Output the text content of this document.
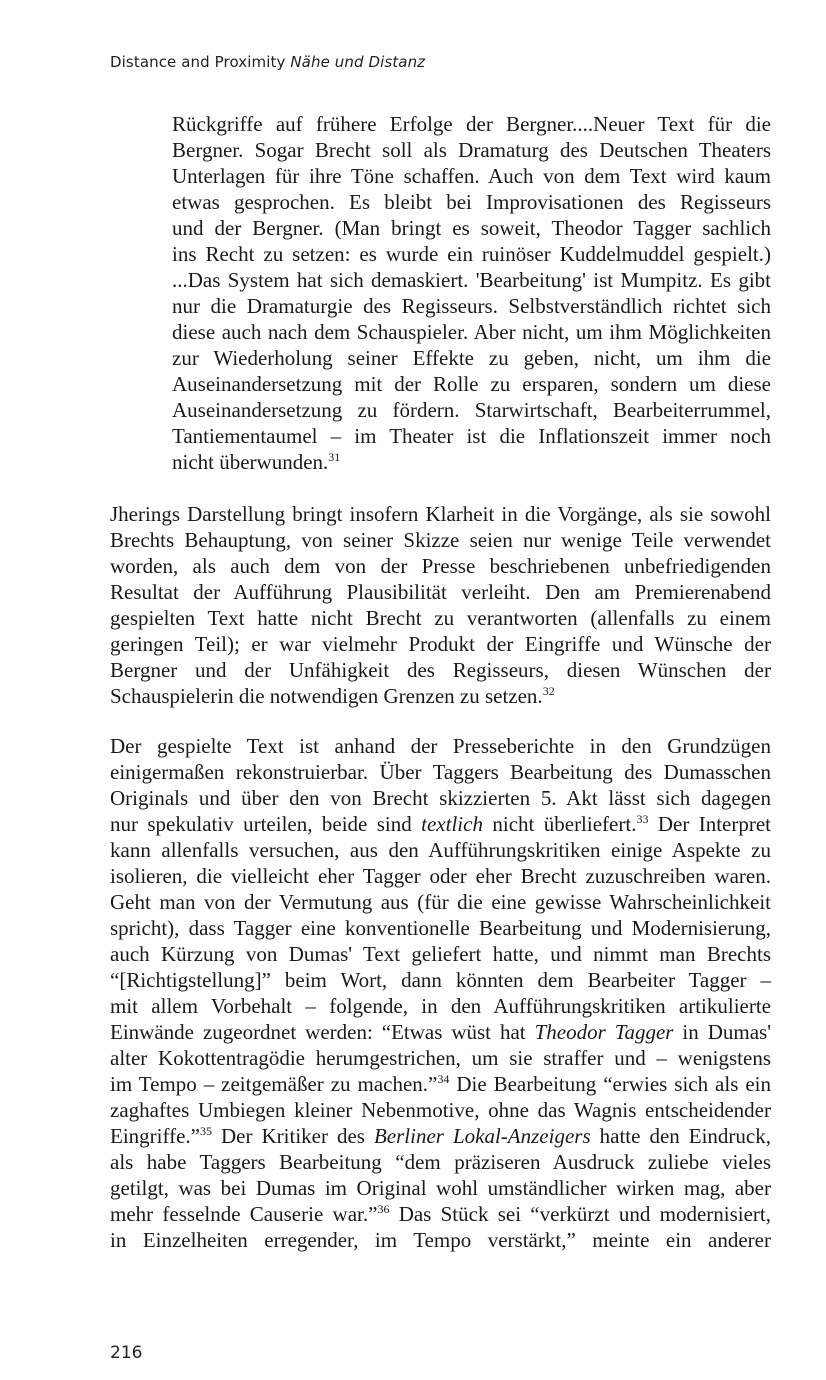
Distance and Proximity Nähe und Distanz
Rückgriffe auf frühere Erfolge der Bergner....Neuer Text für die
Bergner. Sogar Brecht soll als Dramaturg des Deutschen Theaters
Unterlagen für ihre Töne schaffen. Auch von dem Text wird kaum
etwas gesprochen. Es bleibt bei Improvisationen des Regisseurs
und der Bergner. (Man bringt es soweit, Theodor Tagger sachlich
ins Recht zu setzen: es wurde ein ruinöser Kuddelmuddel gespielt.)
...Das System hat sich demaskiert. 'Bearbeitung' ist Mumpitz. Es gibt
nur die Dramaturgie des Regisseurs. Selbstverständlich richtet sich
diese auch nach dem Schauspieler. Aber nicht, um ihm Möglichkeiten
zur Wiederholung seiner Effekte zu geben, nicht, um ihm die
Auseinandersetzung mit der Rolle zu ersparen, sondern um diese
Auseinandersetzung zu fördern. Starwirtschaft, Bearbeiterrummel,
Tantiementaumel – im Theater ist die Inflationszeit immer noch
nicht überwunden.$^{31}$
Jherings Darstellung bringt insofern Klarheit in die Vorgänge, als sie sowohl
Brechts Behauptung, von seiner Skizze seien nur wenige Teile verwendet
worden, als auch dem von der Presse beschriebenen unbefriedigenden
Resultat der Aufführung Plausibilität verleiht. Den am Premierenabend
gespielten Text hatte nicht Brecht zu verantworten (allenfalls zu einem
geringen Teil); er war vielmehr Produkt der Eingriffe und Wünsche der
Bergner und der Unfähigkeit des Regisseurs, diesen Wünschen der
Schauspielerin die notwendigen Grenzen zu setzen.$^{32}$
Der gespielte Text ist anhand der Presseberichte in den Grundzügen
einigermaßen rekonstruierbar. Über Taggers Bearbeitung des Dumasschen
Originals und über den von Brecht skizzierten 5. Akt lässt sich dagegen
nur spekulativ urteilen, beide sind textlich nicht überliefert.$^{33}$ Der Interpret
kann allenfalls versuchen, aus den Aufführungskritiken einige Aspekte zu
isolieren, die vielleicht eher Tagger oder eher Brecht zuzuschreiben waren.
Geht man von der Vermutung aus (für die eine gewisse Wahrscheinlichkeit
spricht), dass Tagger eine konventionelle Bearbeitung und Modernisierung,
auch Kürzung von Dumas' Text geliefert hatte, und nimmt man Brechts
“[Richtigstellung]” beim Wort, dann könnten dem Bearbeiter Tagger –
mit allem Vorbehalt – folgende, in den Aufführungskritiken artikulierte
Einwände zugeordnet werden: “Etwas wüst hat Theodor Tagger in Dumas'
alter Kokottentragödie herumgestrichen, um sie straffer und – wenigstens
im Tempo – zeitgemäßer zu machen.”$^{34}$ Die Bearbeitung “erwies sich als ein
zaghaftes Umbiegen kleiner Nebenmotive, ohne das Wagnis entscheidender
Eingriffe.”$^{35}$ Der Kritiker des Berliner Lokal-Anzeigers hatte den Eindruck,
als habe Taggers Bearbeitung “dem präziseren Ausdruck zuliebe vieles
getilgt, was bei Dumas im Original wohl umständlicher wirken mag, aber
mehr fesselnde Causerie war.”$^{36}$ Das Stück sei “verkürzt und modernisiert,
in Einzelheiten erregender, im Tempo verstärkt,” meinte ein anderer
216
